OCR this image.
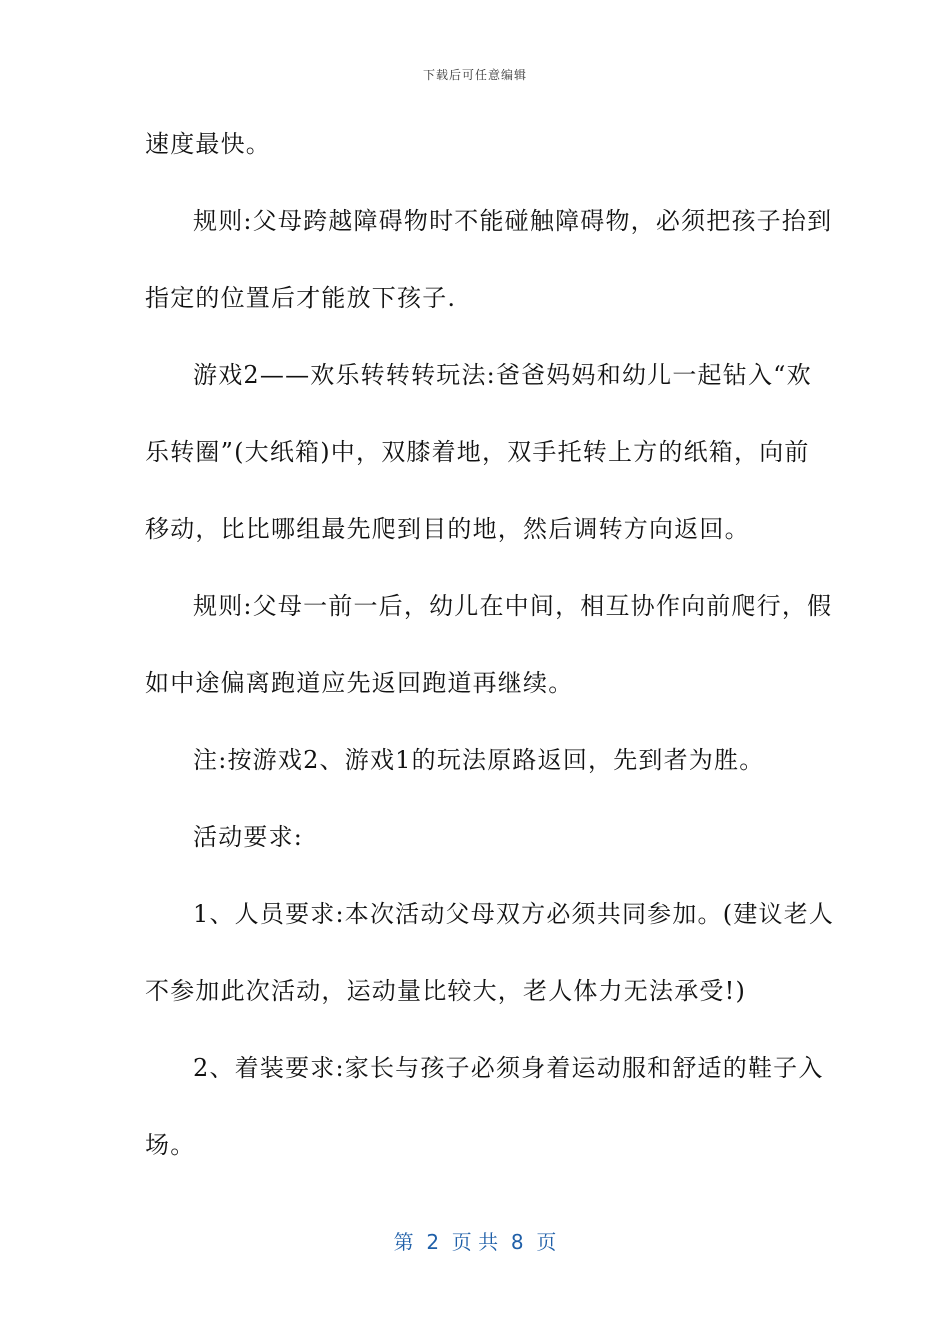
下载后可任意编辑
速度最快。
规则:父母跨越障碍物时不能碰触障碍物，必须把孩子抬到
指定的位置后才能放下孩子.
游戏2——欢乐转转转玩法:爸爸妈妈和幼儿一起钻入“欢
乐转圈”(大纸箱)中，双膝着地，双手托转上方的纸箱，向前
移动，比比哪组最先爬到目的地，然后调转方向返回。
规则:父母一前一后，幼儿在中间，相互协作向前爬行，假
如中途偏离跑道应先返回跑道再继续。
注:按游戏2、游戏1的玩法原路返回，先到者为胜。
活动要求:
1、人员要求:本次活动父母双方必须共同参加。(建议老人
不参加此次活动，运动量比较大，老人体力无法承受!)
2、着装要求:家长与孩子必须身着运动服和舒适的鞋子入
场。
第  2  页 共  8  页
